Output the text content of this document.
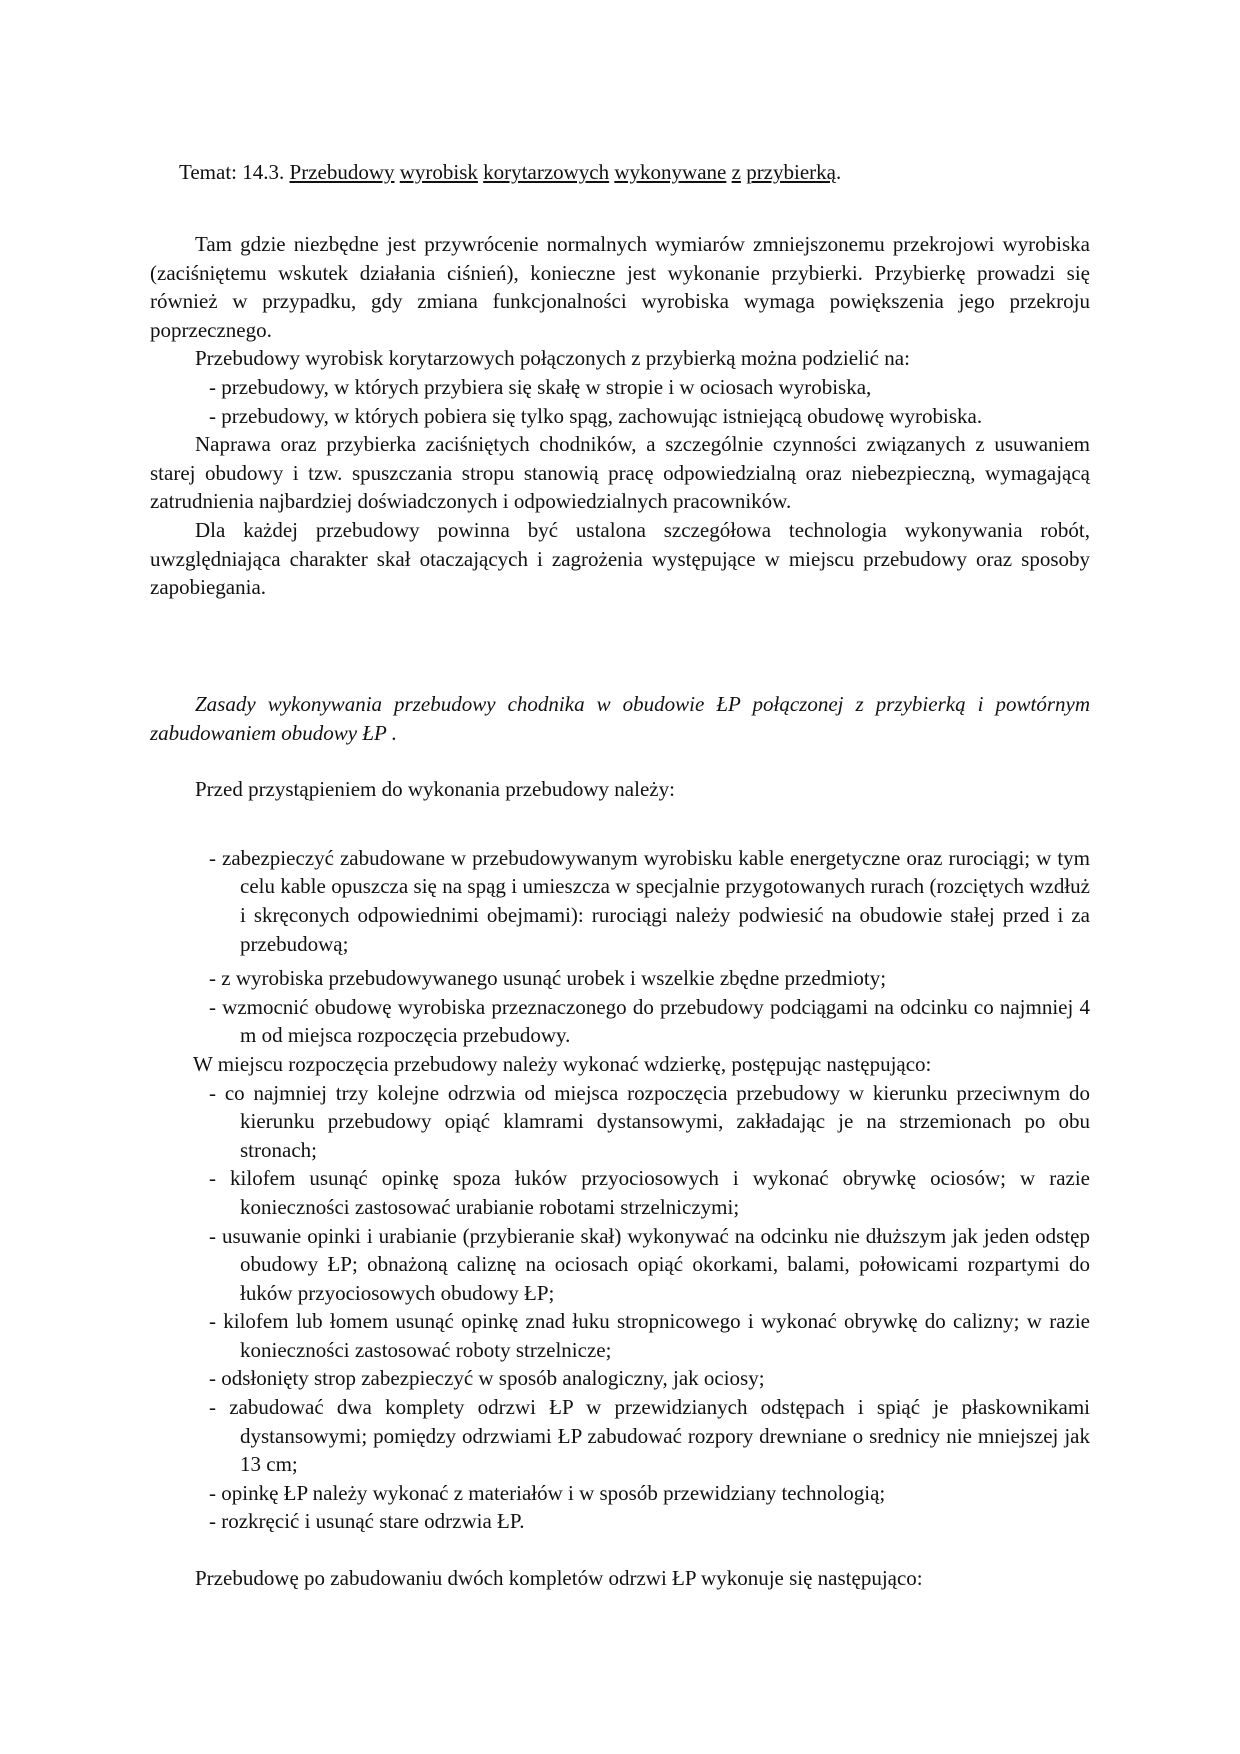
Temat: 14.3. Przebudowy wyrobisk korytarzowych wykonywane z przybierką.

Tam gdzie niezbędne jest przywrócenie normalnych wymiarów zmniejszonemu przekrojowi wyrobiska (zaciśniętemu wskutek działania ciśnień), konieczne jest wykonanie przybierki. Przybierkę prowadzi się również w przypadku, gdy zmiana funkcjonalności wyrobiska wymaga powiększenia jego przekroju poprzecznego.

Przebudowy wyrobisk korytarzowych połączonych z przybierką można podzielić na:

- przebudowy, w których przybiera się skałę w stropie i w ociosach wyrobiska,

- przebudowy, w których pobiera się tylko spąg, zachowując istniejącą obudowę wyrobiska.

Naprawa oraz przybierka zaciśniętych chodników, a szczególnie czynności związanych z usuwaniem starej obudowy i tzw. spuszczania stropu stanowią pracę odpowiedzialną oraz niebezpieczną, wymagającą zatrudnienia najbardziej doświadczonych i odpowiedzialnych pracowników.

Dla każdej przebudowy powinna być ustalona szczegółowa technologia wykonywania robót, uwzględniająca charakter skał otaczających i zagrożenia występujące w miejscu przebudowy oraz sposoby zapobiegania.

Zasady wykonywania przebudowy chodnika w obudowie ŁP połączonej z przybierką i powtórnym zabudowaniem obudowy ŁP .

Przed przystąpieniem do wykonania przebudowy należy:

- zabezpieczyć zabudowane w przebudowywanym wyrobisku kable energetyczne oraz rurociągi; w tym celu kable opuszcza się na spąg i umieszcza w specjalnie przygotowanych rurach (rozciętych wzdłuż i skręconych odpowiednimi obejmami): rurociągi należy podwiesić na obudowie stałej przed i za przebudową;

- z wyrobiska przebudowywanego usunąć urobek i wszelkie zbędne przedmioty;

- wzmocnić obudowę wyrobiska przeznaczonego do przebudowy podciągami na odcinku co najmniej 4 m od miejsca rozpoczęcia przebudowy.

W miejscu rozpoczęcia przebudowy należy wykonać wdzierkę, postępując następująco:

- co najmniej trzy kolejne odrzwia od miejsca rozpoczęcia przebudowy w kierunku przeciwnym do kierunku przebudowy opiąć klamrami dystansowymi, zakładając je na strzemionach po obu stronach;

- kilofem usunąć opinkę spoza łuków przyociosowych i wykonać obrywkę ociosów; w razie konieczności zastosować urabianie robotami strzelniczymi;

- usuwanie opinki i urabianie (przybieranie skał) wykonywać na odcinku nie dłuższym jak jeden odstęp obudowy ŁP; obnażoną caliznę na ociosach opiąć okorkami, balami, połowicami rozpartymi do łuków przyociosowych obudowy ŁP;

- kilofem lub łomem usunąć opinkę znad łuku stropnicowego i wykonać obrywkę do calizny; w razie konieczności zastosować roboty strzelnicze;

- odsłonięty strop zabezpieczyć w sposób analogiczny, jak ociosy;

- zabudować dwa komplety odrzwi ŁP w przewidzianych odstępach i spiąć je płaskownikami dystansowymi; pomiędzy odrzwiami ŁP zabudować rozpory drewniane o srednicy nie mniejszej jak 13 cm;

- opinkę ŁP należy wykonać z materiałów i w sposób przewidziany technologią;

- rozkręcić i usunąć stare odrzwia ŁP.

Przebudowę po zabudowaniu dwóch kompletów odrzwi ŁP wykonuje się następująco:
